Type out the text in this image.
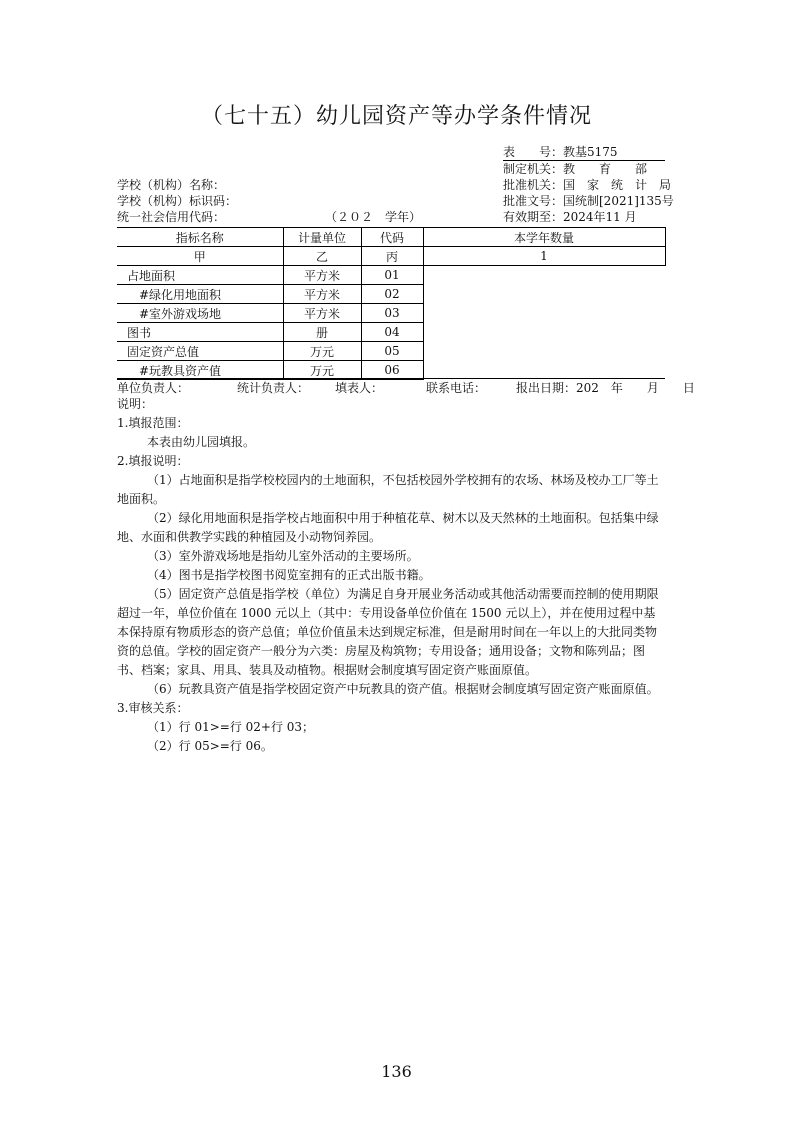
（七十五）幼儿园资产等办学条件情况
表　　号：教基5175
制定机关：教　　育　　部
批准机关：国　家　统　计　局
批准文号：国统制[2021]135号
有效期至：2024年11 月
学校（机构）名称：
学校（机构）标识码：
统一社会信用代码：	（２０２　学年）
指标名称	计量单位	代码	本学年数量
甲	乙	丙	1
占地面积	平方米	01	
#绿化用地面积	平方米	02	
#室外游戏场地	平方米	03	
图书	册	04	
固定资产总值	万元	05	
#玩教具资产值	万元	06	
单位负责人：	统计负责人： 填表人：	联系电话： 报出日期：202　年　　月　　日

说明：

1.填报范围：

本表由幼儿园填报。

2.填报说明：

（1）占地面积是指学校校园内的土地面积，不包括校园外学校拥有的农场、林场及校办工厂等土地面积。

（2）绿化用地面积是指学校占地面积中用于种植花草、树木以及天然林的土地面积。包括集中绿地、水面和供教学实践的种植园及小动物饲养园。

（3）室外游戏场地是指幼儿室外活动的主要场所。

（4）图书是指学校图书阅览室拥有的正式出版书籍。

（5）固定资产总值是指学校（单位）为满足自身开展业务活动或其他活动需要而控制的使用期限超过一年，单位价值在 1000 元以上（其中：专用设备单位价值在 1500 元以上），并在使用过程中基本保持原有物质形态的资产总值；单位价值虽未达到规定标准，但是耐用时间在一年以上的大批同类物资的总值。学校的固定资产一般分为六类：房屋及构筑物；专用设备；通用设备；文物和陈列品；图书、档案；家具、用具、装具及动植物。根据财会制度填写固定资产账面原值。

（6）玩教具资产值是指学校固定资产中玩教具的资产值。根据财会制度填写固定资产账面原值。

3.审核关系：

（1）行 01>=行 02+行 03；

（2）行 05>=行 06。

136
